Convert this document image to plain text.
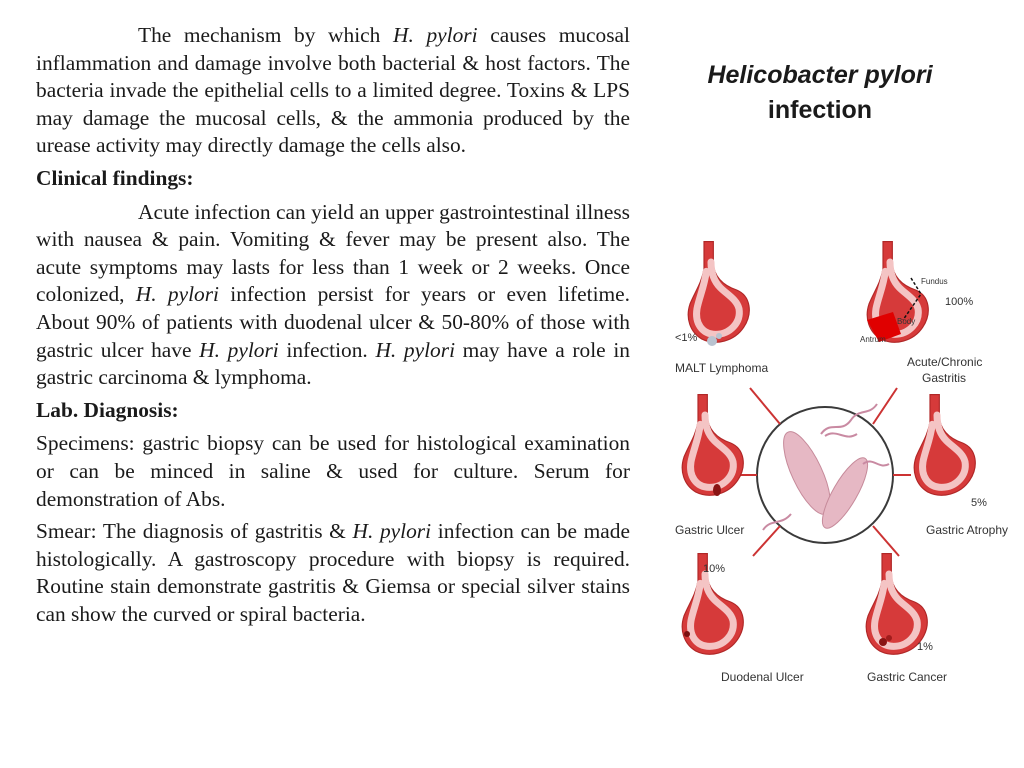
The mechanism by which H. pylori causes mucosal inflammation and damage involve both bacterial & host factors. The bacteria invade the epithelial cells to a limited degree. Toxins & LPS may damage the mucosal cells, & the ammonia produced by the urease activity may directly damage the cells also.

Clinical findings:

Acute infection can yield an upper gastrointestinal illness with nausea & pain. Vomiting & fever may be present also. The acute symptoms may lasts for less than 1 week or 2 weeks. Once colonized, H. pylori infection persist for years or even lifetime. About 90% of patients with duodenal ulcer & 50-80% of those with gastric ulcer have H. pylori infection. H. pylori may have a role in gastric carcinoma & lymphoma.

Lab. Diagnosis:

Specimens: gastric biopsy can be used for histological examination or can be minced in saline & used for culture. Serum for demonstration of Abs.

Smear: The diagnosis of gastritis & H. pylori infection can be made histologically. A gastroscopy procedure with biopsy is required. Routine stain demonstrate gastritis & Giemsa or special silver stains can show the curved or spiral bacteria.

Helicobacter pylori
infection
Fundus
Body
Antrum
100%
Acute/Chronic
Gastritis
<1%
MALT Lymphoma
5%
Gastric Atrophy
Gastric Ulcer
10%
Duodenal Ulcer
1%
Gastric Cancer
